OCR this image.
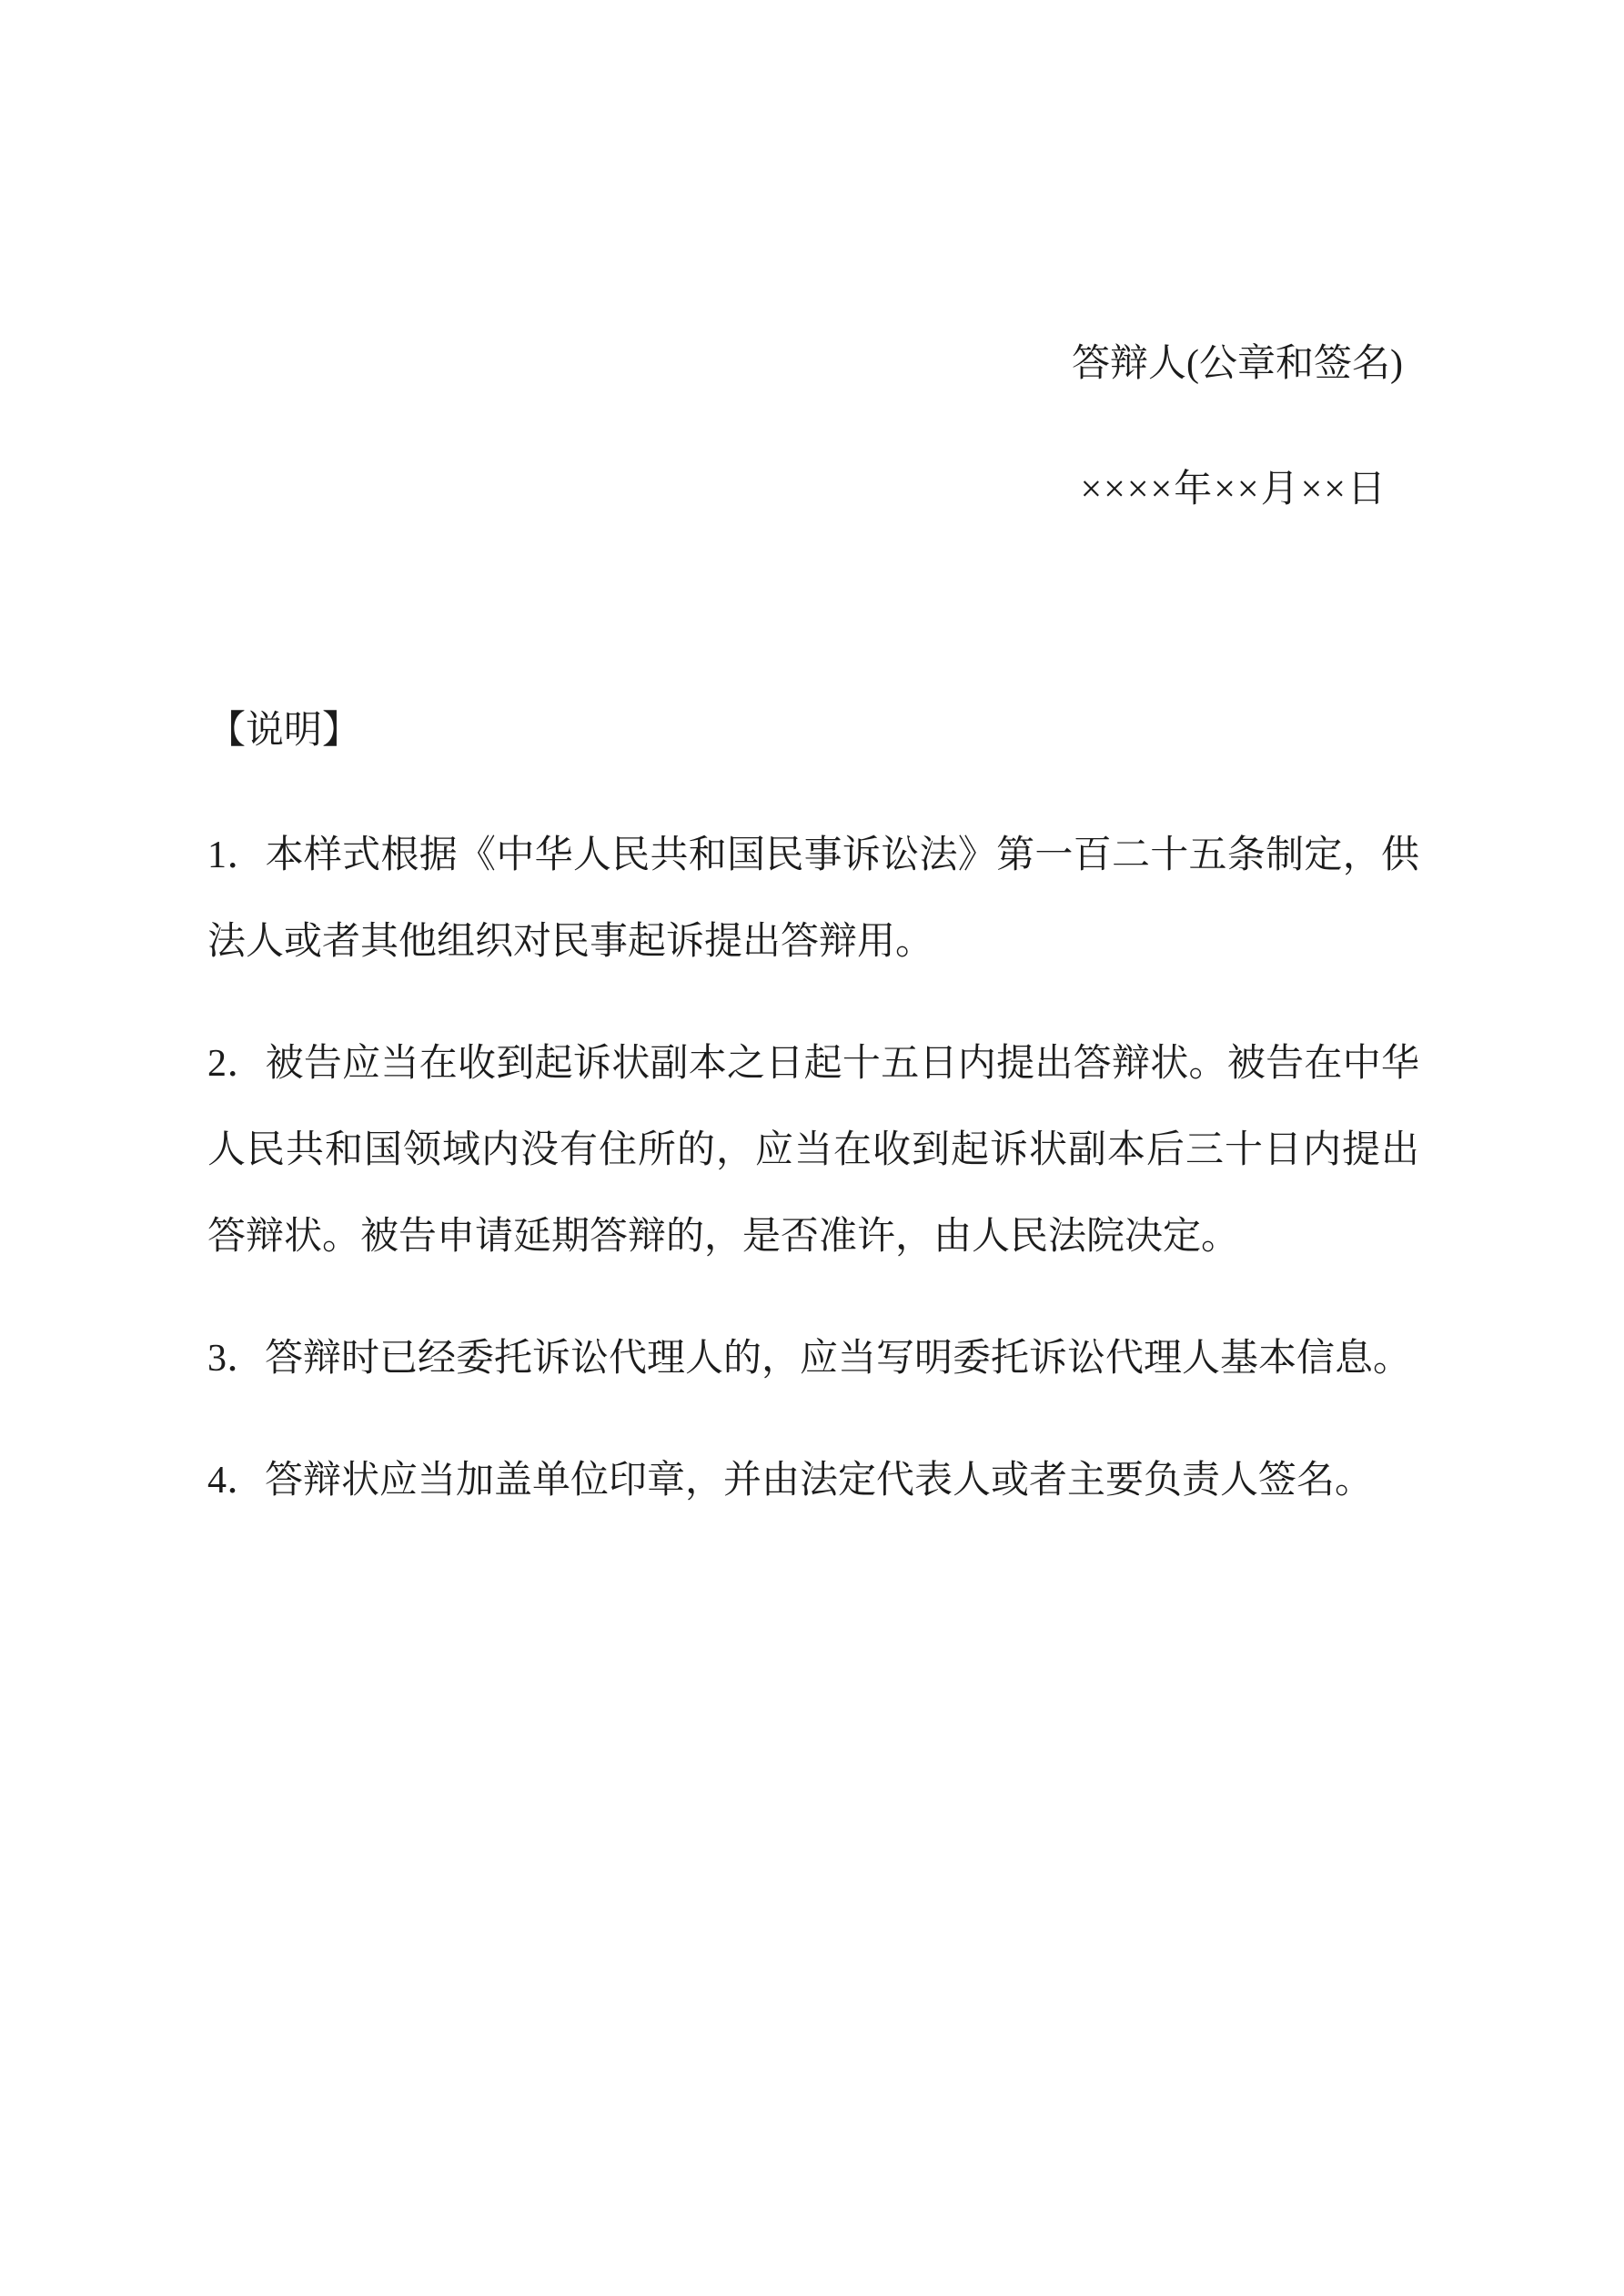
答辩人(公章和签名)
××××年××月××日
【说明】
1．本样式根据《中华人民共和国民事诉讼法》第一百二十五条制定，供法人或者其他组织对民事起诉提出答辩用。
2．被告应当在收到起诉状副本之日起十五日内提出答辩状。被告在中华人民共和国领域内没有住所的，应当在收到起诉状副本后三十日内提出答辩状。被告申请延期答辩的，是否准许，由人民法院决定。
3．答辩时已经委托诉讼代理人的，应当写明委托诉讼代理人基本信息。
4．答辩状应当加盖单位印章，并由法定代表人或者主要负责人签名。
